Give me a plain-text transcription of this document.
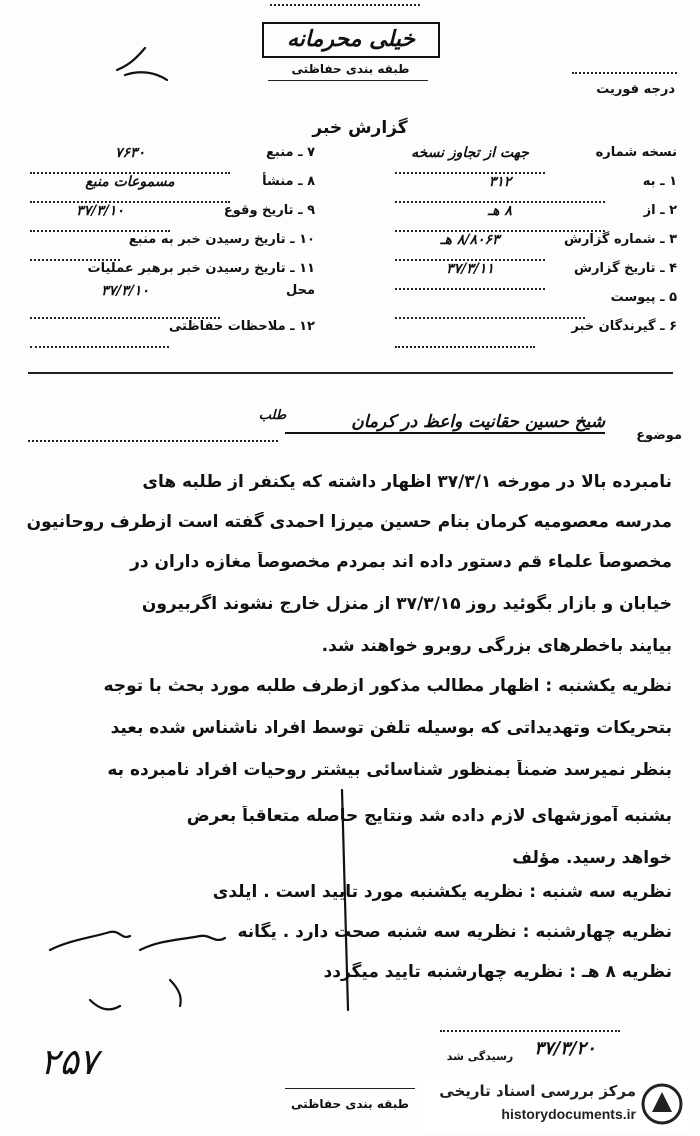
خیلی محرمانه
طبقه بندی حفاظتی
درجه فوریت
گزارش خبر
نسخه شماره
جهت از تجاوز نسخه
۱ ـ به
۳۱۲
۲ ـ از
۸ هـ
۳ ـ شماره گزارش
۸/۸۰۶۳ هـ
۴ ـ تاریخ گزارش
۳۷/۳/۱۱
۵ ـ پیوست
۶ ـ گیرندگان خبر
۷ ـ منبع
۷۶۳۰
۸ ـ منشأ
مسموعات منبع
۹ ـ تاریخ وقوع
۳۷/۳/۱۰
۱۰ ـ تاریخ رسیدن خبر به منبع
۱۱ ـ تاریخ رسیدن خبر برهبر عملیات
محل
۳۷/۳/۱۰
۱۲ ـ ملاحظات حفاظتی
موضوع
شیخ حسین حقانیت واعظ در کرمان
طلب
نامبرده بالا در مورخه ۳۷/۳/۱ اظهار داشته که یکنفر از طلبه های
مدرسه معصومیه کرمان بنام حسین میرزا احمدی گفته است ازطرف روحانیون
مخصوصاً علماء قم دستور داده اند بمردم مخصوصاً مغازه داران در
خیابان و بازار بگوئید روز ۳۷/۳/۱۵ از منزل خارج نشوند اگربیرون
بیایند باخطرهای بزرگی روبرو خواهند شد.
نظریه یکشنبه : اظهار مطالب مذکور ازطرف طلبه مورد بحث با توجه
بتحریکات وتهدیداتی که بوسیله تلفن توسط افراد ناشناس شده بعید
بنظر نمیرسد ضمناً بمنظور شناسائی بیشتر روحیات افراد نامبرده به
بشنبه آموزشهای لازم داده شد ونتایج حاصله متعاقباً بعرض
خواهد رسید. مؤلف
نظریه سه شنبه : نظریه یکشنبه مورد تایید است . ایلدی
نظریه چهارشنبه : نظریه سه شنبه صحت دارد . یگانه
نظریه ۸ هـ : نظریه چهارشنبه تایید میگردد
۲۵۷	۳۷/۳/۲۰
رسیدگی شد
طبقه بندی حفاظتی
مرکز بررسی اسناد تاریخی
historydocuments.ir
